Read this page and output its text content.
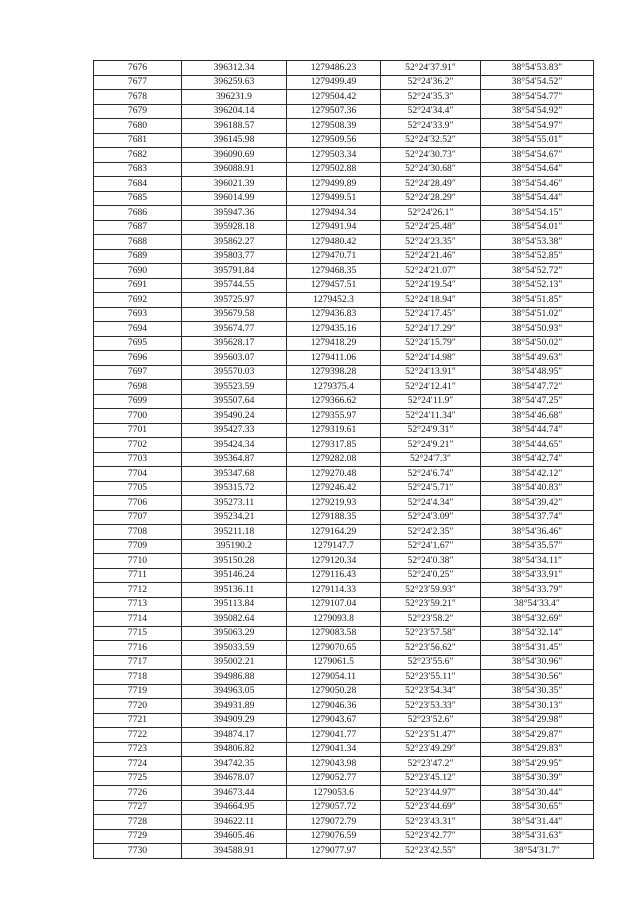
7676	396312.34	1279486.23	52°24′37.91″	38°54′53.83″
7677	396259.63	1279499.49	52°24′36.2″	38°54′54.52″
7678	396231.9	1279504.42	52°24′35.3″	38°54′54.77″
7679	396204.14	1279507.36	52°24′34.4″	38°54′54.92″
7680	396188.57	1279508.39	52°24′33.9″	38°54′54.97″
7681	396145.98	1279509.56	52°24′32.52″	38°54′55.01″
7682	396090.69	1279503.34	52°24′30.73″	38°54′54.67″
7683	396088.91	1279502.88	52°24′30.68″	38°54′54.64″
7684	396021.39	1279499.89	52°24′28.49″	38°54′54.46″
7685	396014.99	1279499.51	52°24′28.29″	38°54′54.44″
7686	395947.36	1279494.34	52°24′26.1″	38°54′54.15″
7687	395928.18	1279491.94	52°24′25.48″	38°54′54.01″
7688	395862.27	1279480.42	52°24′23.35″	38°54′53.38″
7689	395803.77	1279470.71	52°24′21.46″	38°54′52.85″
7690	395791.84	1279468.35	52°24′21.07″	38°54′52.72″
7691	395744.55	1279457.51	52°24′19.54″	38°54′52.13″
7692	395725.97	1279452.3	52°24′18.94″	38°54′51.85″
7693	395679.58	1279436.83	52°24′17.45″	38°54′51.02″
7694	395674.77	1279435.16	52°24′17.29″	38°54′50.93″
7695	395628.17	1279418.29	52°24′15.79″	38°54′50.02″
7696	395603.07	1279411.06	52°24′14.98″	38°54′49.63″
7697	395570.03	1279398.28	52°24′13.91″	38°54′48.95″
7698	395523.59	1279375.4	52°24′12.41″	38°54′47.72″
7699	395507.64	1279366.62	52°24′11.9″	38°54′47.25″
7700	395490.24	1279355.97	52°24′11.34″	38°54′46.68″
7701	395427.33	1279319.61	52°24′9.31″	38°54′44.74″
7702	395424.34	1279317.85	52°24′9.21″	38°54′44.65″
7703	395364.87	1279282.08	52°24′7.3″	38°54′42.74″
7704	395347.68	1279270.48	52°24′6.74″	38°54′42.12″
7705	395315.72	1279246.42	52°24′5.71″	38°54′40.83″
7706	395273.11	1279219.93	52°24′4.34″	38°54′39.42″
7707	395234.21	1279188.35	52°24′3.09″	38°54′37.74″
7708	395211.18	1279164.29	52°24′2.35″	38°54′36.46″
7709	395190.2	1279147.7	52°24′1.67″	38°54′35.57″
7710	395150.28	1279120.34	52°24′0.38″	38°54′34.11″
7711	395146.24	1279116.43	52°24′0.25″	38°54′33.91″
7712	395136.11	1279114.33	52°23′59.93″	38°54′33.79″
7713	395113.84	1279107.04	52°23′59.21″	38°54′33.4″
7714	395082.64	1279093.8	52°23′58.2″	38°54′32.69″
7715	395063.29	1279083.58	52°23′57.58″	38°54′32.14″
7716	395033.59	1279070.65	52°23′56.62″	38°54′31.45″
7717	395002.21	1279061.5	52°23′55.6″	38°54′30.96″
7718	394986.88	1279054.11	52°23′55.11″	38°54′30.56″
7719	394963.05	1279050.28	52°23′54.34″	38°54′30.35″
7720	394931.89	1279046.36	52°23′53.33″	38°54′30.13″
7721	394909.29	1279043.67	52°23′52.6″	38°54′29.98″
7722	394874.17	1279041.77	52°23′51.47″	38°54′29.87″
7723	394806.82	1279041.34	52°23′49.29″	38°54′29.83″
7724	394742.35	1279043.98	52°23′47.2″	38°54′29.95″
7725	394678.07	1279052.77	52°23′45.12″	38°54′30.39″
7726	394673.44	1279053.6	52°23′44.97″	38°54′30.44″
7727	394664.95	1279057.72	52°23′44.69″	38°54′30.65″
7728	394622.11	1279072.79	52°23′43.31″	38°54′31.44″
7729	394605.46	1279076.59	52°23′42.77″	38°54′31.63″
7730	394588.91	1279077.97	52°23′42.55″	38°54′31.7″
